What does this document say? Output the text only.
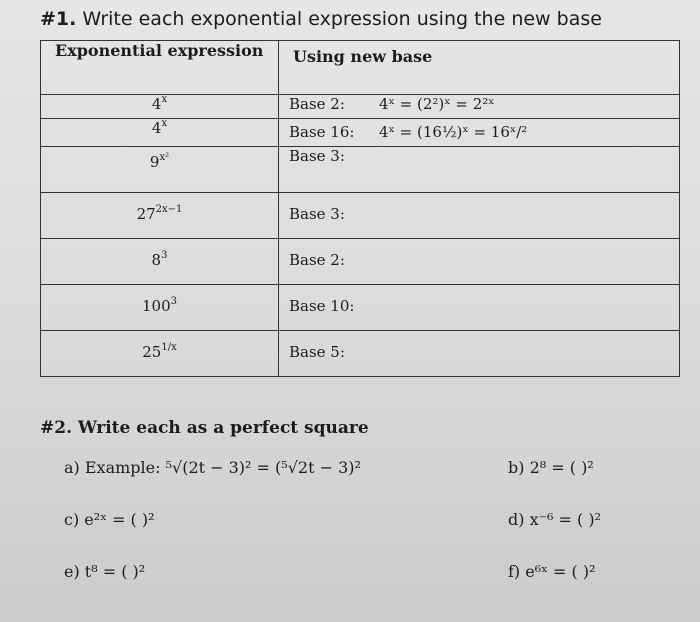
#1. Write each exponential expression using the new base
Exponential expression	Using new base
4$^x$	Base 2: 4ˣ = (2²)ˣ = 2²ˣ
4$^x$	Base 16: 4ˣ = (16½)ˣ = 16ˣ/²
$9^{x^2}$	Base 3:
$27^{2x-1}$	Base 3:
$8^3$	Base 2:
$100^3$	Base 10:
$25^{1/x}$	Base 5:
#2. Write each as a perfect square
a) Example: ⁵√(2t − 3)² = (⁵√2t − 3)²	b) 2⁸ = ( )²
c) e²ˣ = ( )²	d) x⁻⁶ = ( )²
e) t⁸ = ( )²	f) e⁶ˣ = ( )²
